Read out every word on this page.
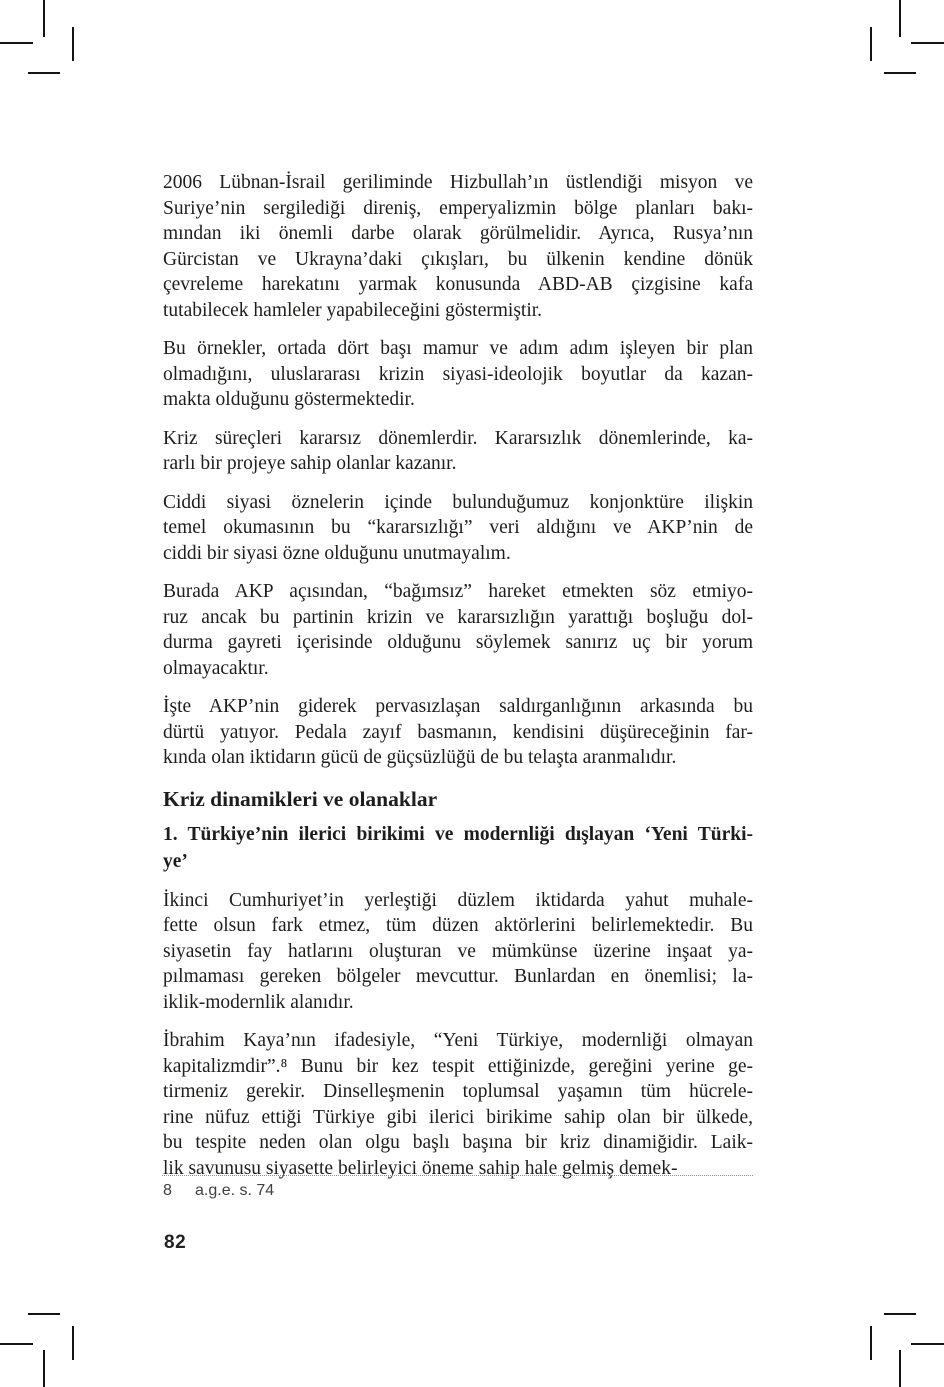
2006 Lübnan-İsrail geriliminde Hizbullah’ın üstlendiği misyon ve
Suriye’nin sergilediği direniş, emperyalizmin bölge planları bakı-
mından iki önemli darbe olarak görülmelidir. Ayrıca, Rusya’nın
Gürcistan ve Ukrayna’daki çıkışları, bu ülkenin kendine dönük
çevreleme harekatını yarmak konusunda ABD-AB çizgisine kafa
tutabilecek hamleler yapabileceğini göstermiştir.
Bu örnekler, ortada dört başı mamur ve adım adım işleyen bir plan
olmadığını, uluslararası krizin siyasi-ideolojik boyutlar da kazan-
makta olduğunu göstermektedir.
Kriz süreçleri kararsız dönemlerdir. Kararsızlık dönemlerinde, ka-
rarlı bir projeye sahip olanlar kazanır.
Ciddi siyasi öznelerin içinde bulunduğumuz konjonktüre ilişkin
temel okumasının bu “kararsızlığı” veri aldığını ve AKP’nin de
ciddi bir siyasi özne olduğunu unutmayalım.
Burada AKP açısından, “bağımsız” hareket etmekten söz etmiyo-
ruz ancak bu partinin krizin ve kararsızlığın yarattığı boşluğu dol-
durma gayreti içerisinde olduğunu söylemek sanırız uç bir yorum
olmayacaktır.
İşte AKP’nin giderek pervasızlaşan saldırganlığının arkasında bu
dürtü yatıyor. Pedala zayıf basmanın, kendisini düşüreceğinin far-
kında olan iktidarın gücü de güçsüzlüğü de bu telaşta aranmalıdır.
Kriz dinamikleri ve olanaklar
1. Türkiye’nin ilerici birikimi ve modernliği dışlayan ‘Yeni Türki-
ye’
İkinci Cumhuriyet’in yerleştiği düzlem iktidarda yahut muhale-
fette olsun fark etmez, tüm düzen aktörlerini belirlemektedir. Bu
siyasetin fay hatlarını oluşturan ve mümkünse üzerine inşaat ya-
pılmaması gereken bölgeler mevcuttur. Bunlardan en önemlisi; la-
iklik-modernlik alanıdır.
İbrahim Kaya’nın ifadesiyle, “Yeni Türkiye, modernliği olmayan
kapitalizmdir”.⁸ Bunu bir kez tespit ettiğinizde, gereğini yerine ge-
tirmeniz gerekir. Dinselleşmenin toplumsal yaşamın tüm hücrele-
rine nüfuz ettiği Türkiye gibi ilerici birikime sahip olan bir ülkede,
bu tespite neden olan olgu başlı başına bir kriz dinamiğidir. Laik-
lik savunusu siyasette belirleyici öneme sahip hale gelmiş demek-
8 a.g.e. s. 74
82
